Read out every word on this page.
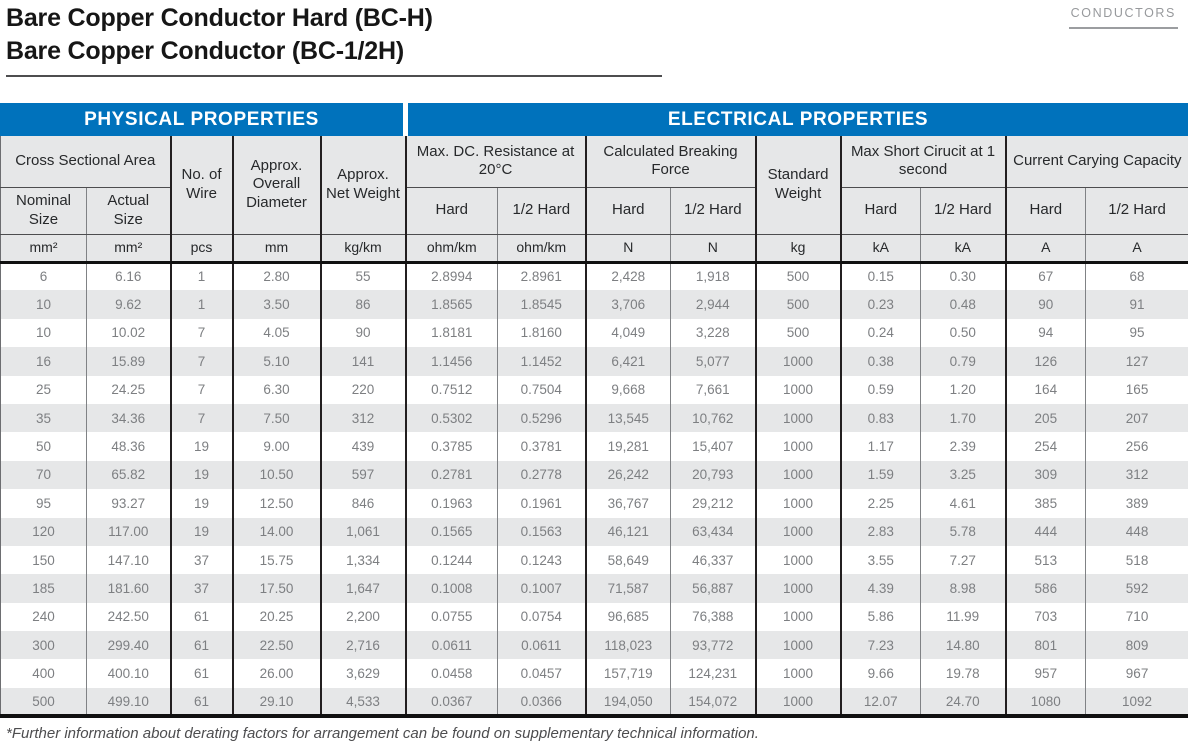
Bare Copper Conductor Hard (BC-H)
Bare Copper Conductor (BC-1/2H)
CONDUCTORS
PHYSICAL PROPERTIES	ELECTRICAL PROPERTIES
Cross Sectional Area		No. of Wire	Approx. Overall Diameter	Approx. Net Weight	Max. DC. Resistance at 20°C		Calculated Breaking Force		Standard Weight	Max Short Cirucit at 1 second		Current Carying Capacity	
Nominal Size	Actual Size				Hard	1/2 Hard	Hard	1/2 Hard		Hard	1/2 Hard	Hard	1/2 Hard
mm²	mm²	pcs	mm	kg/km	ohm/km	ohm/km	N	N	kg	kA	kA	A	A
6	6.16	1	2.80	55	2.8994	2.8961	2,428	1,918	500	0.15	0.30	67	68
10	9.62	1	3.50	86	1.8565	1.8545	3,706	2,944	500	0.23	0.48	90	91
10	10.02	7	4.05	90	1.8181	1.8160	4,049	3,228	500	0.24	0.50	94	95
16	15.89	7	5.10	141	1.1456	1.1452	6,421	5,077	1000	0.38	0.79	126	127
25	24.25	7	6.30	220	0.7512	0.7504	9,668	7,661	1000	0.59	1.20	164	165
35	34.36	7	7.50	312	0.5302	0.5296	13,545	10,762	1000	0.83	1.70	205	207
50	48.36	19	9.00	439	0.3785	0.3781	19,281	15,407	1000	1.17	2.39	254	256
70	65.82	19	10.50	597	0.2781	0.2778	26,242	20,793	1000	1.59	3.25	309	312
95	93.27	19	12.50	846	0.1963	0.1961	36,767	29,212	1000	2.25	4.61	385	389
120	117.00	19	14.00	1,061	0.1565	0.1563	46,121	63,434	1000	2.83	5.78	444	448
150	147.10	37	15.75	1,334	0.1244	0.1243	58,649	46,337	1000	3.55	7.27	513	518
185	181.60	37	17.50	1,647	0.1008	0.1007	71,587	56,887	1000	4.39	8.98	586	592
240	242.50	61	20.25	2,200	0.0755	0.0754	96,685	76,388	1000	5.86	11.99	703	710
300	299.40	61	22.50	2,716	0.0611	0.0611	118,023	93,772	1000	7.23	14.80	801	809
400	400.10	61	26.00	3,629	0.0458	0.0457	157,719	124,231	1000	9.66	19.78	957	967
500	499.10	61	29.10	4,533	0.0367	0.0366	194,050	154,072	1000	12.07	24.70	1080	1092

*Further information about derating factors for arrangement can be found on supplementary technical information.
